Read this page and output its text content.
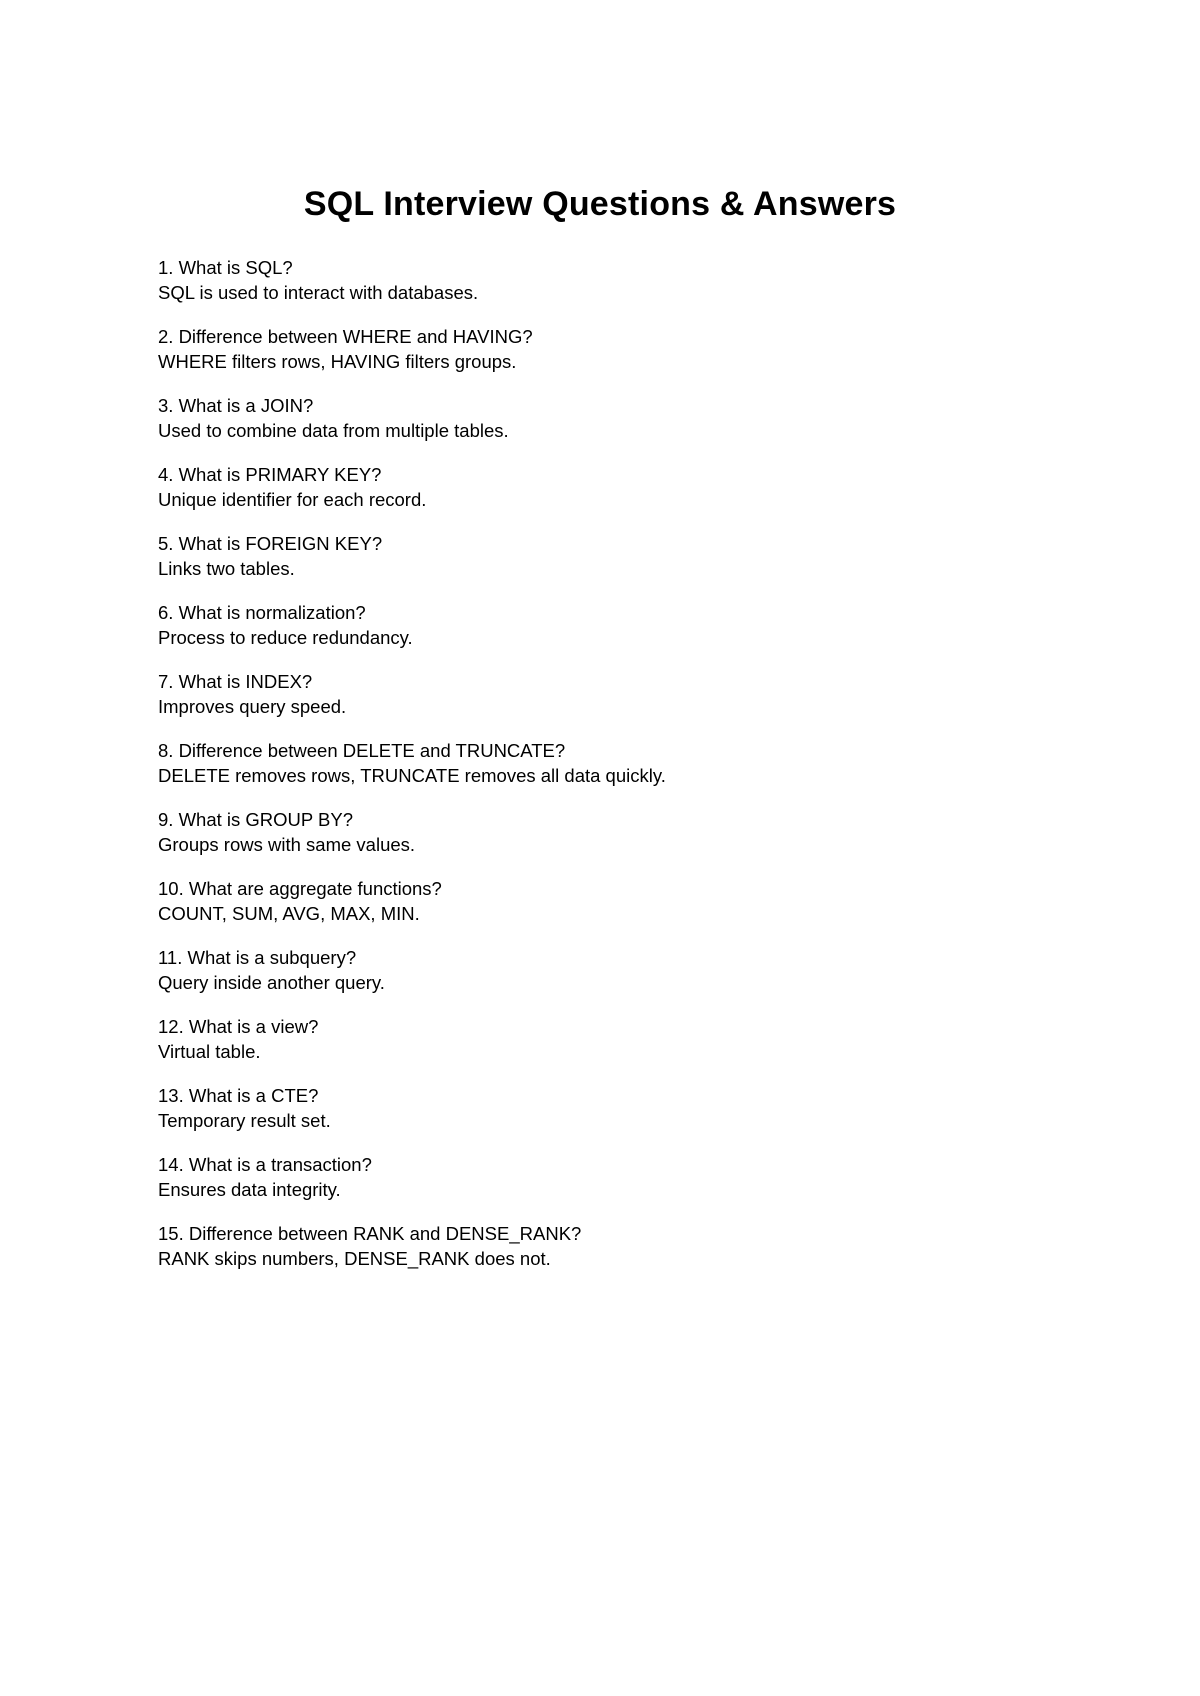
SQL Interview Questions & Answers
1. What is SQL?
SQL is used to interact with databases.
2. Difference between WHERE and HAVING?
WHERE filters rows, HAVING filters groups.
3. What is a JOIN?
Used to combine data from multiple tables.
4. What is PRIMARY KEY?
Unique identifier for each record.
5. What is FOREIGN KEY?
Links two tables.
6. What is normalization?
Process to reduce redundancy.
7. What is INDEX?
Improves query speed.
8. Difference between DELETE and TRUNCATE?
DELETE removes rows, TRUNCATE removes all data quickly.
9. What is GROUP BY?
Groups rows with same values.
10. What are aggregate functions?
COUNT, SUM, AVG, MAX, MIN.
11. What is a subquery?
Query inside another query.
12. What is a view?
Virtual table.
13. What is a CTE?
Temporary result set.
14. What is a transaction?
Ensures data integrity.
15. Difference between RANK and DENSE_RANK?
RANK skips numbers, DENSE_RANK does not.
